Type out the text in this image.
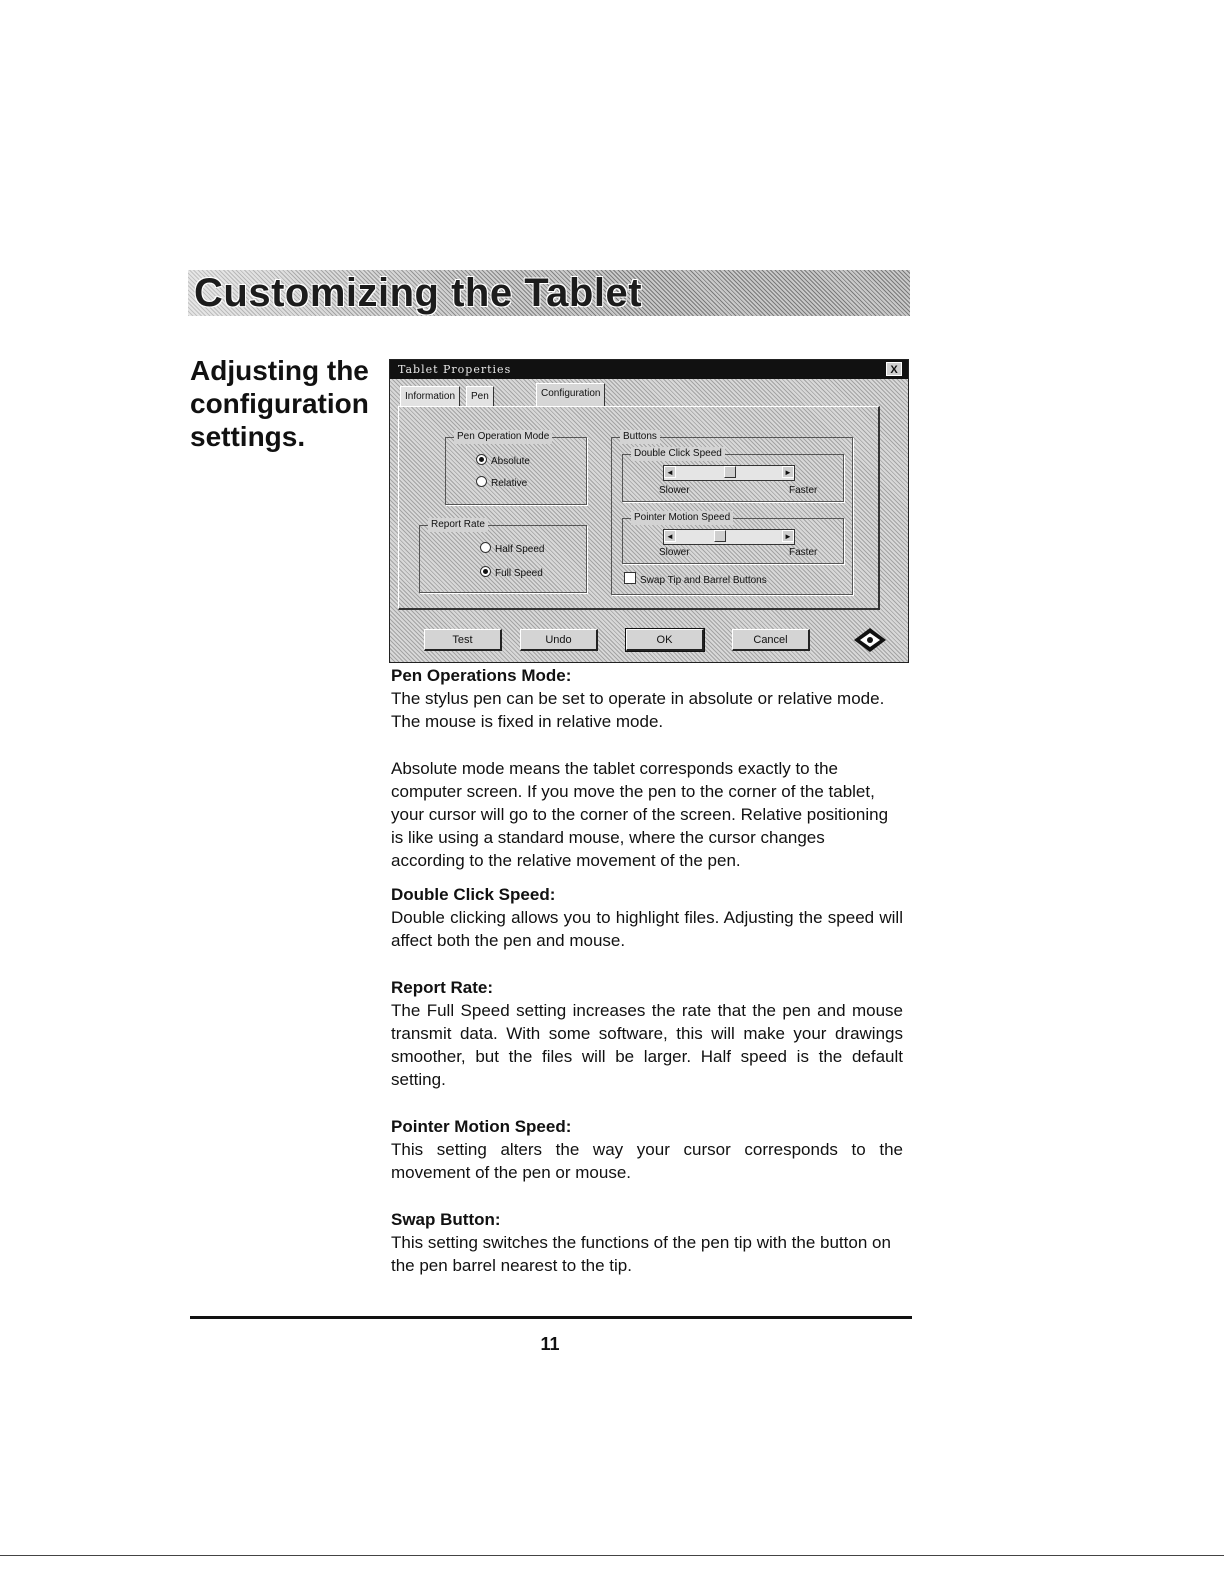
Customizing the Tablet
Adjusting the configuration settings.
Tablet Properties	X
Information	Pen	Configuration
Pen Operation Mode
Absolute
Relative
Report Rate
Half Speed
Full Speed
Buttons
Double Click Speed
◄	►
Slower	Faster
Pointer Motion Speed
◄	►
Slower	Faster
Swap Tip and Barrel Buttons
Test	Undo	OK	Cancel

Pen Operations Mode:

The stylus pen can be set to operate in absolute or relative mode. The mouse is fixed in relative mode.

Absolute mode means the tablet corresponds exactly to the computer screen. If you move the pen to the corner of the tablet, your cursor will go to the corner of the screen. Relative positioning is like using a standard mouse, where the cursor changes according to the relative movement of the pen.

Double Click Speed:

Double clicking allows you to highlight files. Adjusting the speed will affect both the pen and mouse.

Report Rate:

The Full Speed setting increases the rate that the pen and mouse transmit data. With some software, this will make your drawings smoother, but the files will be larger. Half speed is the default setting.

Pointer Motion Speed:

This setting alters the way your cursor corresponds to the movement of the pen or mouse.

Swap Button:

This setting switches the functions of the pen tip with the button on the pen barrel nearest to the tip.

11
